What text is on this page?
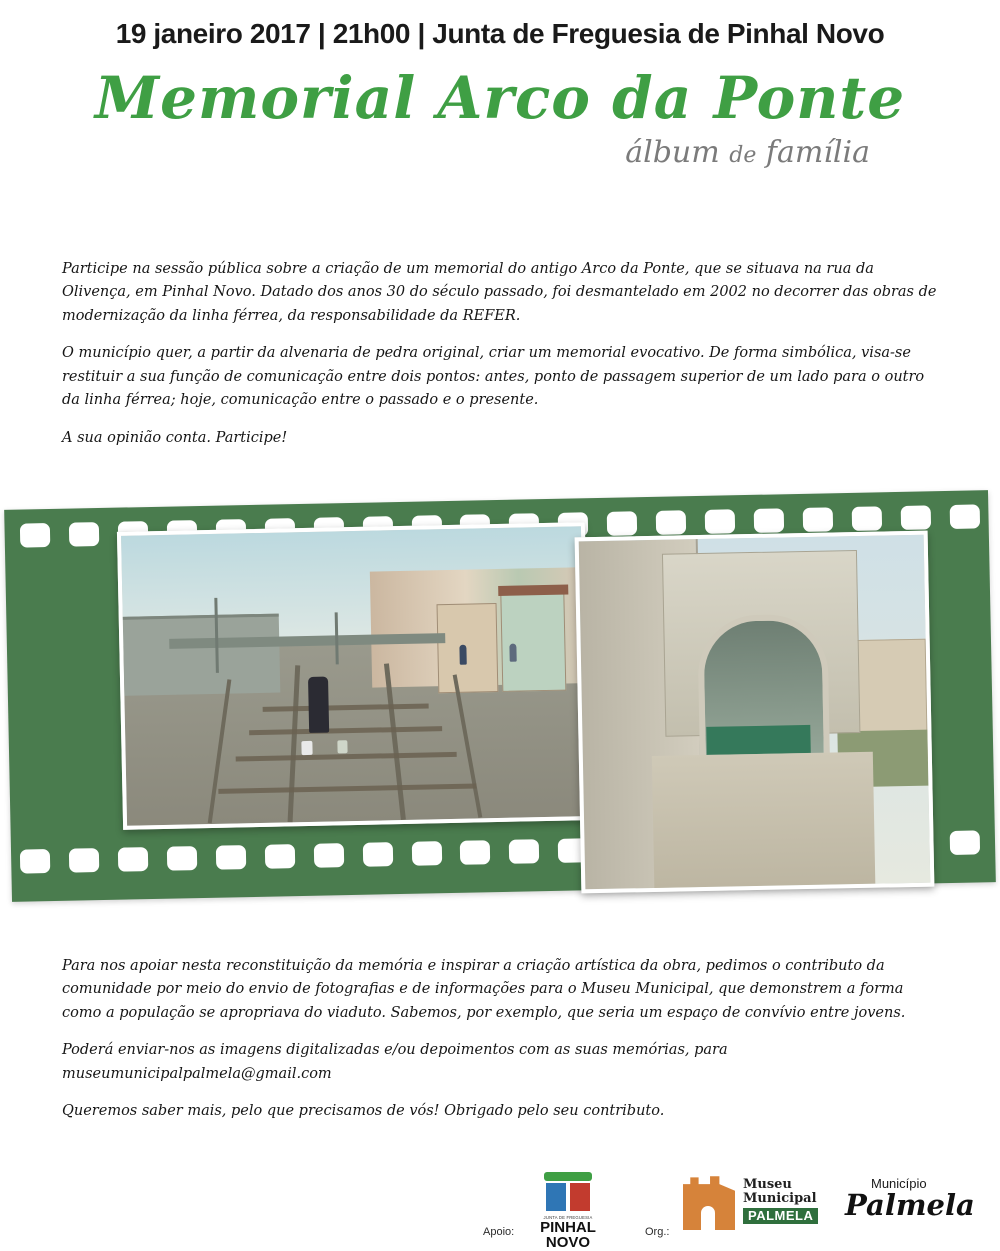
19 janeiro 2017 | 21h00 | Junta de Freguesia de Pinhal Novo
Memorial Arco da Ponte
álbum de família

Participe na sessão pública sobre a criação de um memorial do antigo Arco da Ponte, que se situava na rua da Olivença, em Pinhal Novo. Datado dos anos 30 do século passado, foi desmantelado em 2002 no decorrer das obras de modernização da linha férrea, da responsabilidade da REFER.

O município quer, a partir da alvenaria de pedra original, criar um memorial evocativo. De forma simbólica, visa-se restituir a sua função de comunicação entre dois pontos: antes, ponto de passagem superior de um lado para o outro da linha férrea; hoje, comunicação entre o passado e o presente.

A sua opinião conta. Participe!

Para nos apoiar nesta reconstituição da memória e inspirar a criação artística da obra, pedimos o contributo da comunidade por meio do envio de fotografias e de informações para o Museu Municipal, que demonstrem a forma como a população se apropriava do viaduto. Sabemos, por exemplo, que seria um espaço de convívio entre jovens.

Poderá enviar-nos as imagens digitalizadas e/ou depoimentos com as suas memórias, para museumunicipalpalmela@gmail.com

Queremos saber mais, pelo que precisamos de vós! Obrigado pelo seu contributo.

Apoio:
JUNTA DE FREGUESIA
PINHAL
NOVO
Org.:
Museu
Municipal
PALMELA
Município
Palmela
